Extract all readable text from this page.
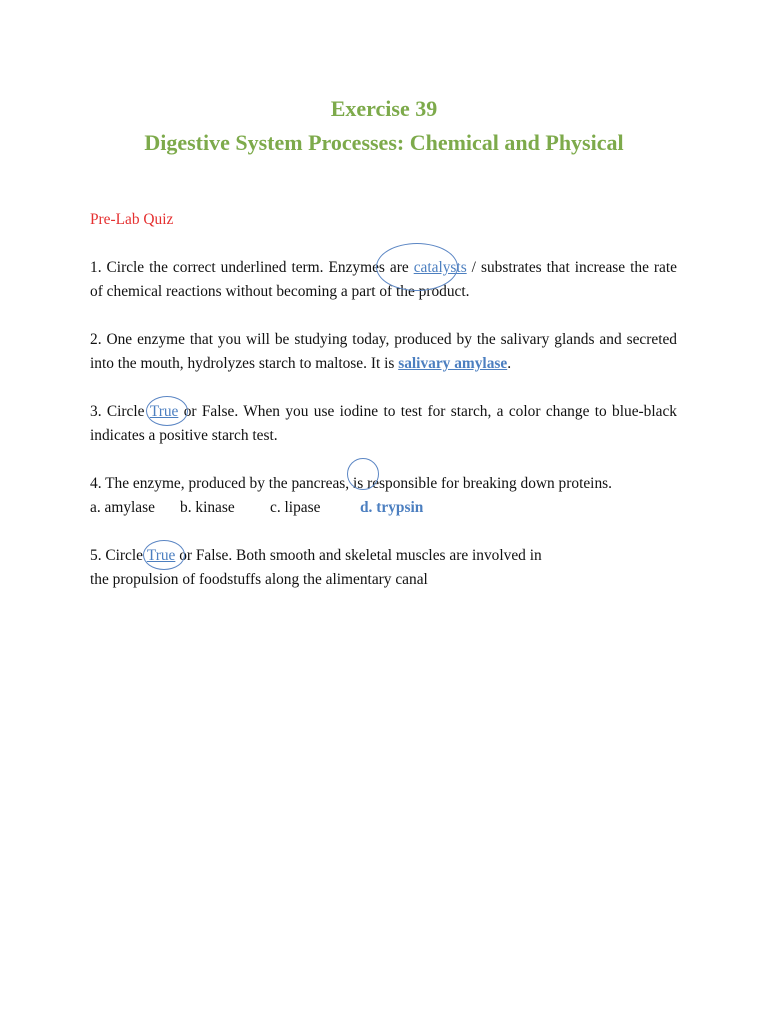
Exercise 39
Digestive System Processes: Chemical and Physical
Pre-Lab Quiz

1. Circle the correct underlined term. Enzymes are catalysts
/ substrates that increase the rate of chemical reactions without becoming a part of the product.

2. One enzyme that you will be studying today, produced by the salivary glands and secreted into the mouth, hydrolyzes starch to maltose. It is salivary amylase.

3. Circle True
or False. When you use iodine to test for starch, a color change to blue-black indicates a positive starch test.

4. The enzyme, produced by the pancreas, is responsible for breaking down proteins.

a. amylase b. kinase c. lipase	d. trypsin

5. Circle True
or False. Both smooth and skeletal muscles are involved in

the propulsion of foodstuffs along the alimentary canal
